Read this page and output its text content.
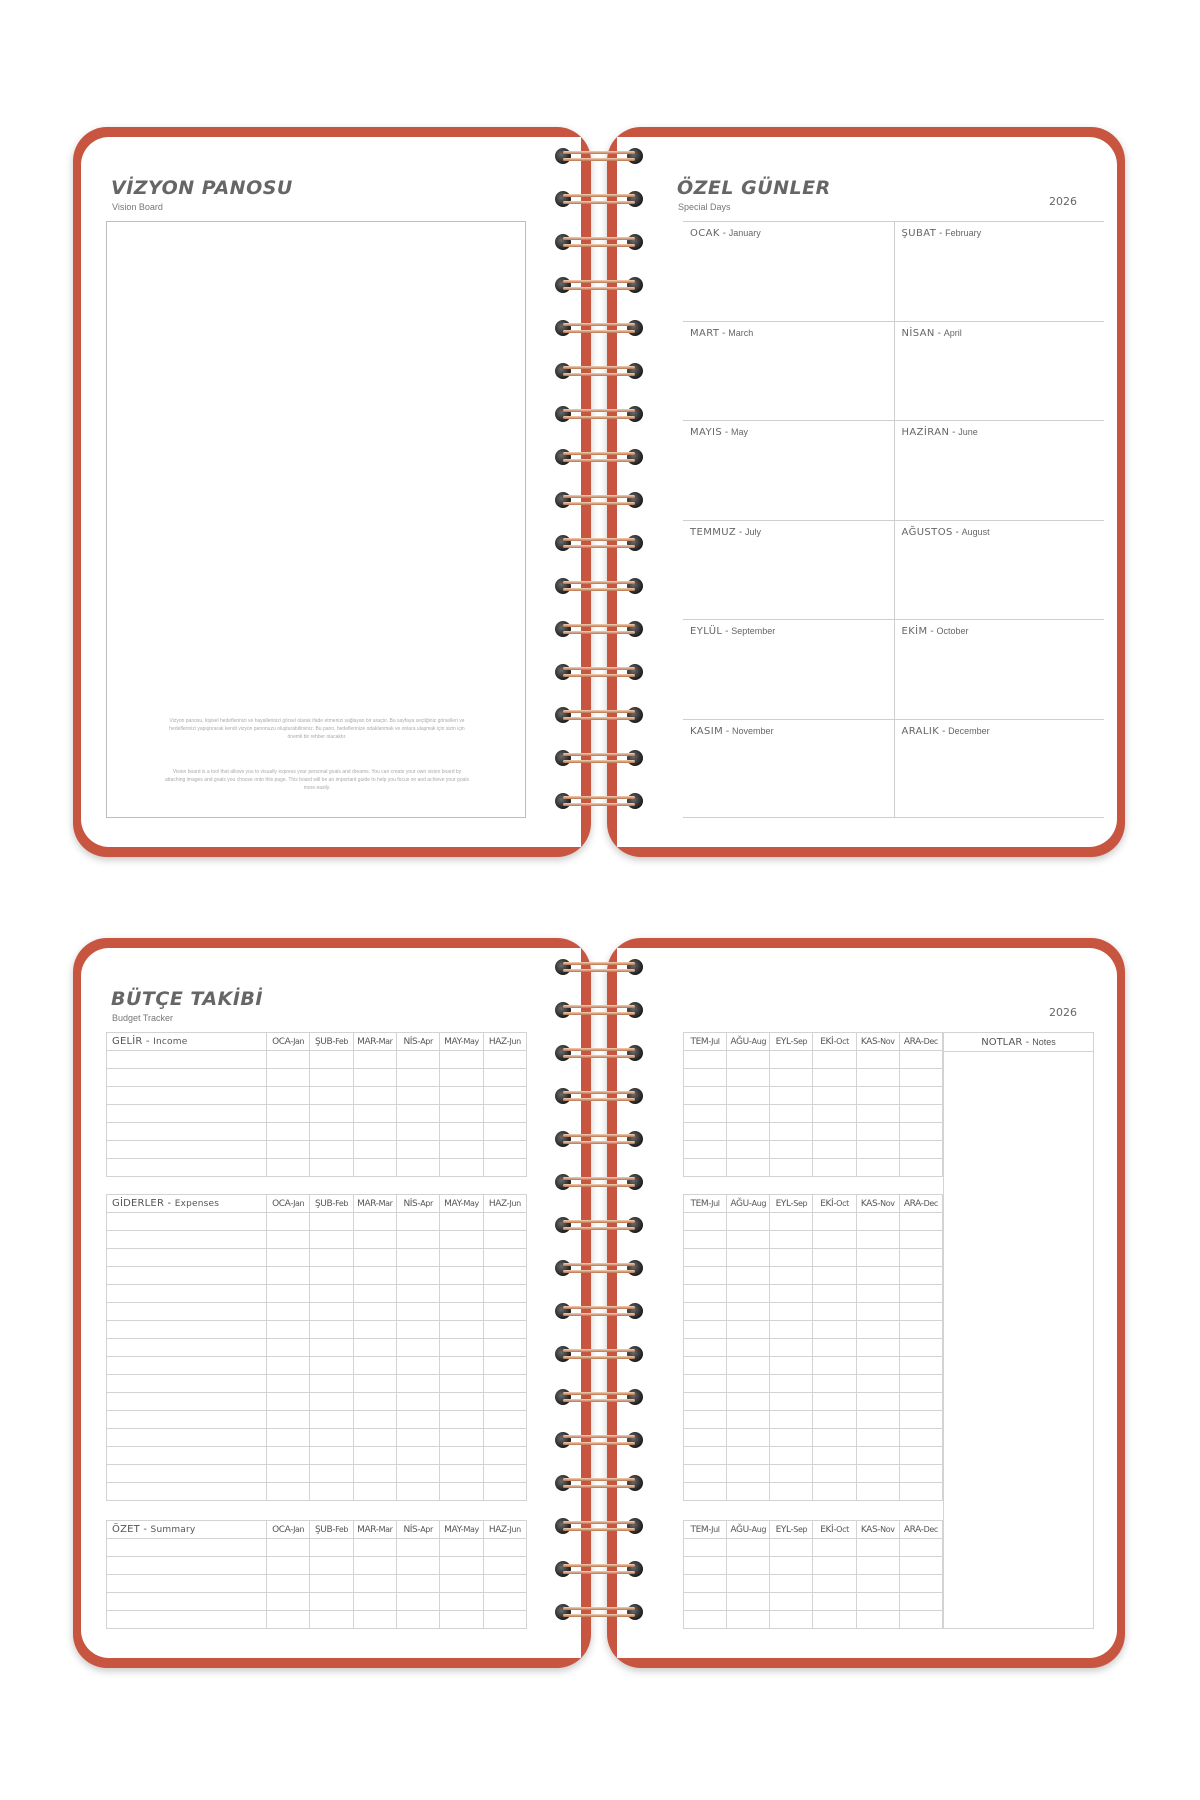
VİZYON PANOSU
Vision Board
Vizyon panosu, kişisel hedeflerinizi ve hayallerinizi görsel olarak ifade etmenizi sağlayan bir araçtır. Bu sayfaya seçtiğiniz görselleri ve hedeflerinizi yapıştırarak kendi vizyon panonuzu oluşturabilirsiniz. Bu pano, hedeflerinize odaklanmak ve onlara ulaşmak için sizin için önemli bir rehber olacaktır.
Vision board is a tool that allows you to visually express your personal goals and dreams. You can create your own vision board by attaching images and goals you choose onto this page. This board will be an important guide to help you focus on and achieve your goals more easily.
ÖZEL GÜNLER
Special Days	2026
OCAK - January	ŞUBAT - February
MART - March	NİSAN - April
MAYIS - May	HAZİRAN - June
TEMMUZ - July	AĞUSTOS - August
EYLÜL - September	EKİM - October
KASIM - November	ARALIK - December
BÜTÇE TAKİBİ
Budget Tracker
GELİR - Income	OCA-Jan	ŞUB-Feb	MAR-Mar	NİS-Apr	MAY-May	HAZ-Jun

GİDERLER - Expenses	OCA-Jan	ŞUB-Feb	MAR-Mar	NİS-Apr	MAY-May	HAZ-Jun

ÖZET - Summary	OCA-Jan	ŞUB-Feb	MAR-Mar	NİS-Apr	MAY-May	HAZ-Jun

2026
TEM-Jul	AĞU-Aug	EYL-Sep	EKİ-Oct	KAS-Nov	ARA-Dec

TEM-Jul	AĞU-Aug	EYL-Sep	EKİ-Oct	KAS-Nov	ARA-Dec

TEM-Jul	AĞU-Aug	EYL-Sep	EKİ-Oct	KAS-Nov	ARA-Dec

NOTLAR - Notes
